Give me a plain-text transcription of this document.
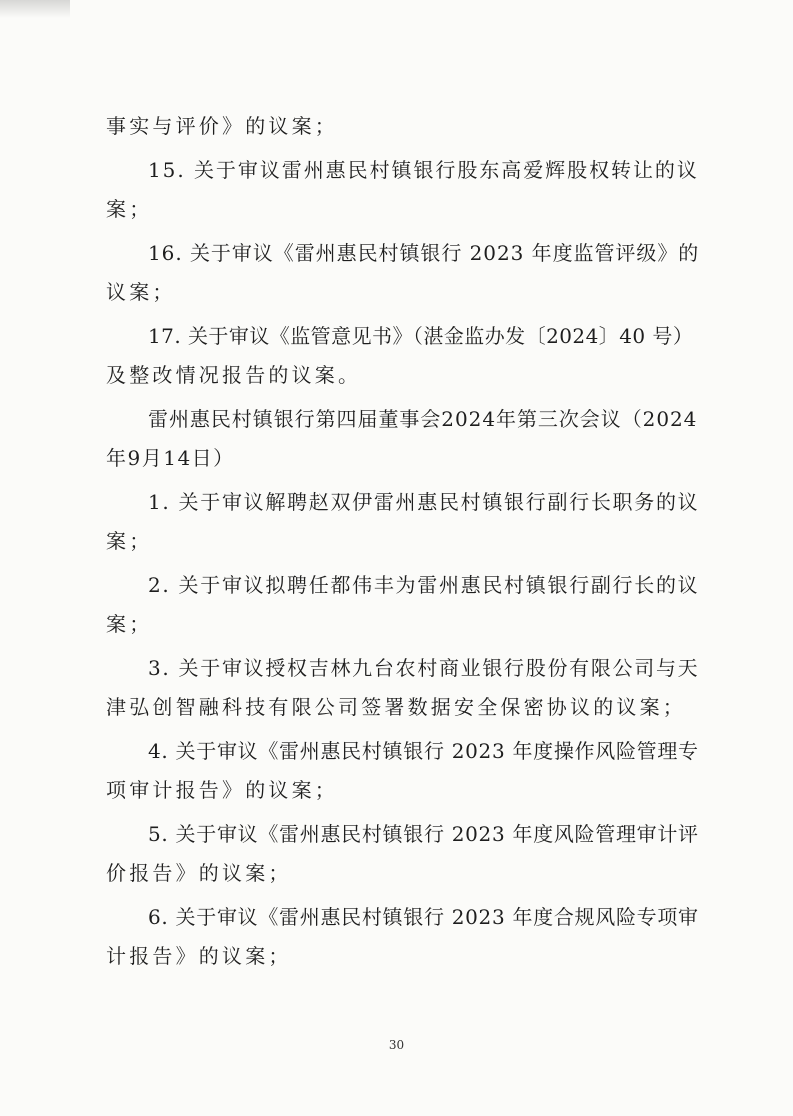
事实与评价》的议案；
15. 关于审议雷州惠民村镇银行股东高爱辉股权转让的议
案；
16. 关于审议《雷州惠民村镇银行 2023 年度监管评级》的
议案；
17. 关于审议《监管意见书》（湛金监办发〔2024〕40 号）
及整改情况报告的议案。
雷州惠民村镇银行第四届董事会2024年第三次会议（2024
年9月14日）
1. 关于审议解聘赵双伊雷州惠民村镇银行副行长职务的议
案；
2. 关于审议拟聘任都伟丰为雷州惠民村镇银行副行长的议
案；
3. 关于审议授权吉林九台农村商业银行股份有限公司与天
津弘创智融科技有限公司签署数据安全保密协议的议案；
4. 关于审议《雷州惠民村镇银行 2023 年度操作风险管理专
项审计报告》的议案；
5. 关于审议《雷州惠民村镇银行 2023 年度风险管理审计评
价报告》的议案；
6. 关于审议《雷州惠民村镇银行 2023 年度合规风险专项审
计报告》的议案；
30
